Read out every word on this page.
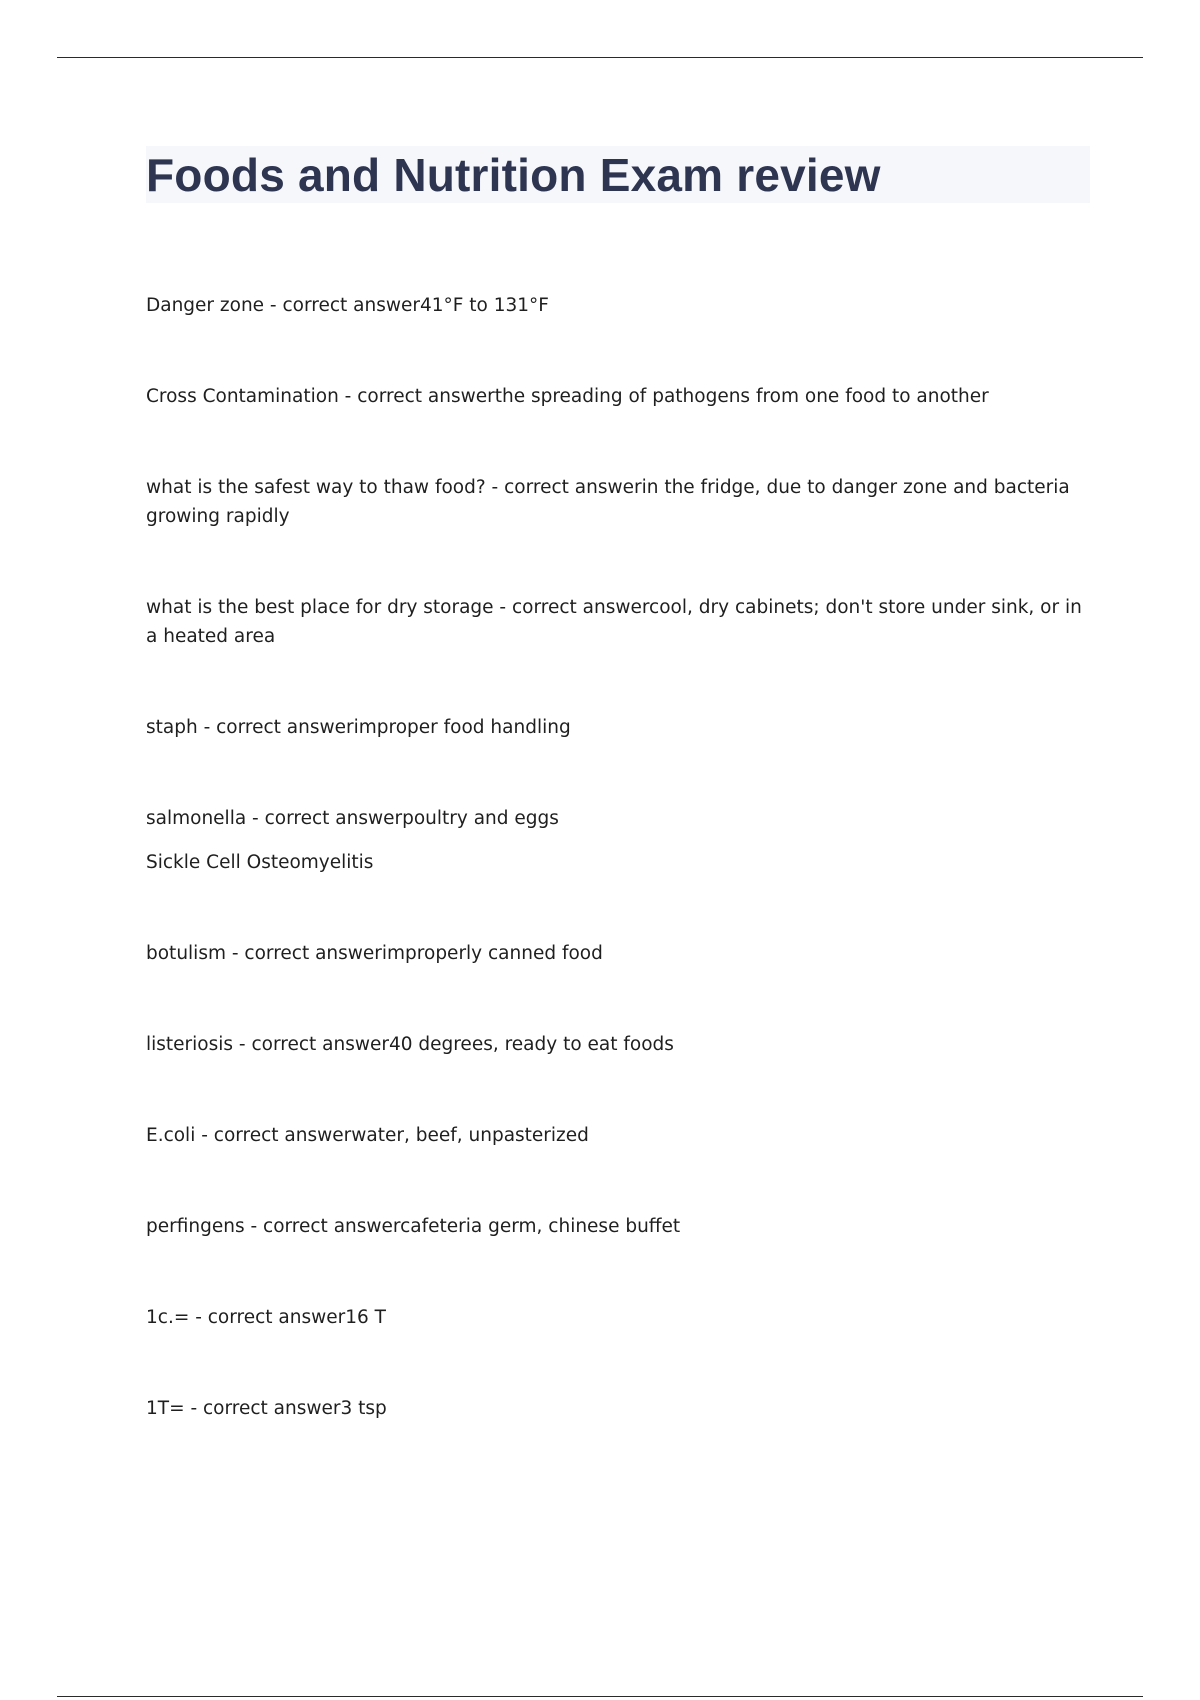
Foods and Nutrition Exam review

Danger zone - correct answer41°F to 131°F

Cross Contamination - correct answerthe spreading of pathogens from one food to another

what is the safest way to thaw food? - correct answerin the fridge, due to danger zone and bacteria growing rapidly

what is the best place for dry storage - correct answercool, dry cabinets; don't store under sink, or in a heated area

staph - correct answerimproper food handling

salmonella - correct answerpoultry and eggs

Sickle Cell Osteomyelitis

botulism - correct answerimproperly canned food

listeriosis - correct answer40 degrees, ready to eat foods

E.coli - correct answerwater, beef, unpasterized

perfingens - correct answercafeteria germ, chinese buffet

1c.= - correct answer16 T

1T= - correct answer3 tsp
